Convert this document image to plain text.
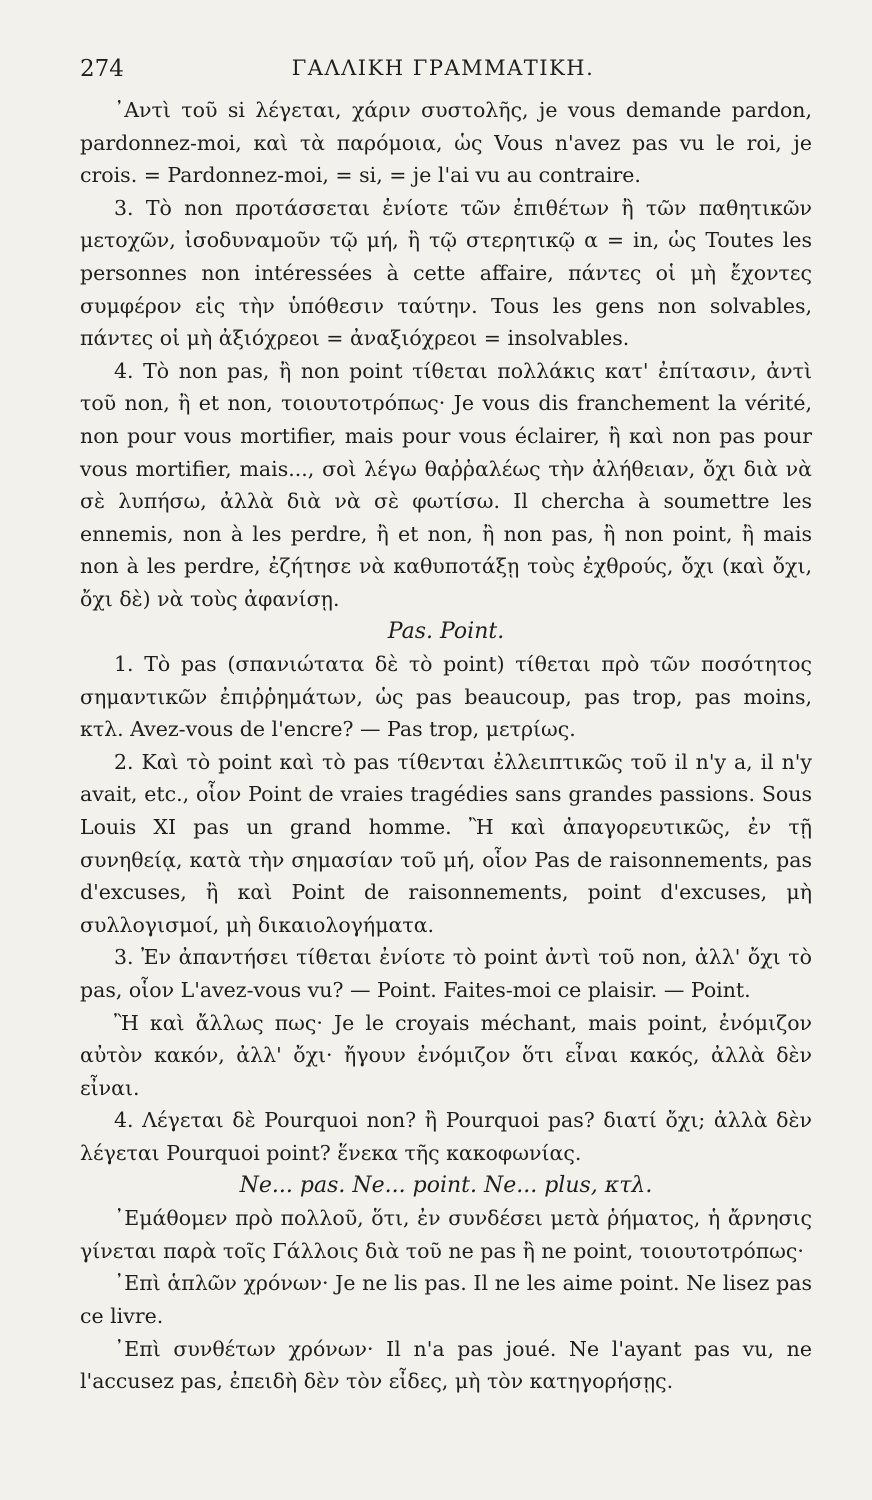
274	ΓΑΛΛΙΚΗ ΓΡΑΜΜΑΤΙΚΗ.

᾿Αντὶ τοῦ si λέγεται, χάριν συστολῆς, je vous demande pardon, pardonnez-moi, καὶ τὰ παρόμοια, ὡς Vous n'avez pas vu le roi, je crois. = Pardonnez-moi, = si, = je l'ai vu au contraire.

3. Τὸ non προτάσσεται ἐνίοτε τῶν ἐπιθέτων ἢ τῶν παθητικῶν μετοχῶν, ἰσοδυναμοῦν τῷ μή, ἢ τῷ στερητικῷ α = in, ὡς Toutes les personnes non intéressées à cette affaire, πάντες οἱ μὴ ἔχοντες συμφέρον εἰς τὴν ὑπόθεσιν ταύτην. Tous les gens non solvables, πάντες οἱ μὴ ἀξιόχρεοι = ἀναξιόχρεοι = insolvables.

4. Τὸ non pas, ἢ non point τίθεται πολλάκις κατ' ἐπίτασιν, ἀντὶ τοῦ non, ἢ et non, τοιουτοτρόπως· Je vous dis franchement la vérité, non pour vous mortifier, mais pour vous éclairer, ἢ καὶ non pas pour vous mortifier, mais..., σοὶ λέγω θαῤῥαλέως τὴν ἀλήθειαν, ὄχι διὰ νὰ σὲ λυπήσω, ἀλλὰ διὰ νὰ σὲ φωτίσω. Il chercha à soumettre les ennemis, non à les perdre, ἢ et non, ἢ non pas, ἢ non point, ἢ mais non à les perdre, ἐζήτησε νὰ καθυποτάξῃ τοὺς ἐχθρούς, ὄχι (καὶ ὄχι, ὄχι δὲ) νὰ τοὺς ἀφανίσῃ.

Pas. Point.

1. Τὸ pas (σπανιώτατα δὲ τὸ point) τίθεται πρὸ τῶν ποσότητος σημαντικῶν ἐπιῤῥημάτων, ὡς pas beaucoup, pas trop, pas moins, κτλ. Avez-vous de l'encre? — Pas trop, μετρίως.

2. Καὶ τὸ point καὶ τὸ pas τίθενται ἐλλειπτικῶς τοῦ il n'y a, il n'y avait, etc., οἷον Point de vraies tragédies sans grandes passions. Sous Louis XI pas un grand homme. Ἢ καὶ ἀπαγορευτικῶς, ἐν τῇ συνηθείᾳ, κατὰ τὴν σημασίαν τοῦ μή, οἷον Pas de raisonnements, pas d'excuses, ἢ καὶ Point de raisonnements, point d'excuses, μὴ συλλογισμοί, μὴ δικαιολογήματα.

3. Ἐν ἀπαντήσει τίθεται ἐνίοτε τὸ point ἀντὶ τοῦ non, ἀλλ' ὄχι τὸ pas, οἷον L'avez-vous vu? — Point. Faites-moi ce plaisir. — Point.

Ἢ καὶ ἄλλως πως· Je le croyais méchant, mais point, ἐνόμιζον αὐτὸν κακόν, ἀλλ' ὄχι· ἤγουν ἐνόμιζον ὅτι εἶναι κακός, ἀλλὰ δὲν εἶναι.

4. Λέγεται δὲ Pourquoi non? ἢ Pourquoi pas? διατί ὄχι; ἀλλὰ δὲν λέγεται Pourquoi point? ἕνεκα τῆς κακοφωνίας.

Ne... pas. Ne... point. Ne... plus, κτλ.

᾿Εμάθομεν πρὸ πολλοῦ, ὅτι, ἐν συνδέσει μετὰ ῥήματος, ἡ ἄρνησις γίνεται παρὰ τοῖς Γάλλοις διὰ τοῦ ne pas ἢ ne point, τοιουτοτρόπως·

᾿Επὶ ἁπλῶν χρόνων· Je ne lis pas. Il ne les aime point. Ne lisez pas ce livre.

᾿Επὶ συνθέτων χρόνων· Il n'a pas joué. Ne l'ayant pas vu, ne l'accusez pas, ἐπειδὴ δὲν τὸν εἶδες, μὴ τὸν κατηγορήσῃς.
